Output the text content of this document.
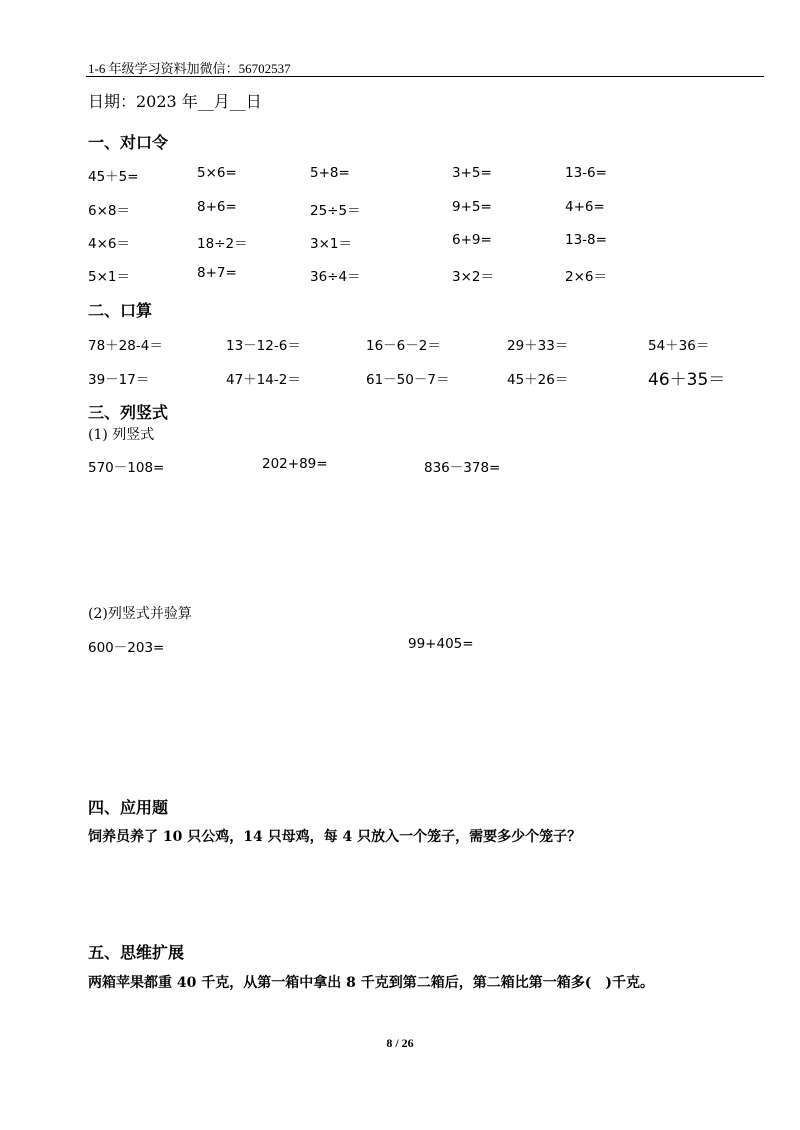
1-6 年级学习资料加微信：56702537
日期：2023 年__月__日
一、对口令
45＋5=	5×6=	5+8=	3+5=	13-6=
6×8＝	8+6=	25÷5＝	9+5=	4+6=
4×6＝	18÷2＝	3×1＝	6+9=	13-8=
5×1＝	8+7=	36÷4＝	3×2＝	2×6＝
二、口算
78＋28-4＝	13－12-6＝	16－6－2＝	29＋33＝	54＋36＝
39－17＝	47＋14-2＝	61－50－7＝	45＋26＝	46＋35＝
三、列竖式
(1) 列竖式
570－108=	202+89=	836－378=
(2)列竖式并验算
600－203=	99+405=
四、应用题
饲养员养了 10 只公鸡，14 只母鸡，每 4 只放入一个笼子，需要多少个笼子？
五、思维扩展
两箱苹果都重 40 千克，从第一箱中拿出 8 千克到第二箱后，第二箱比第一箱多(　)千克。
8 / 26
